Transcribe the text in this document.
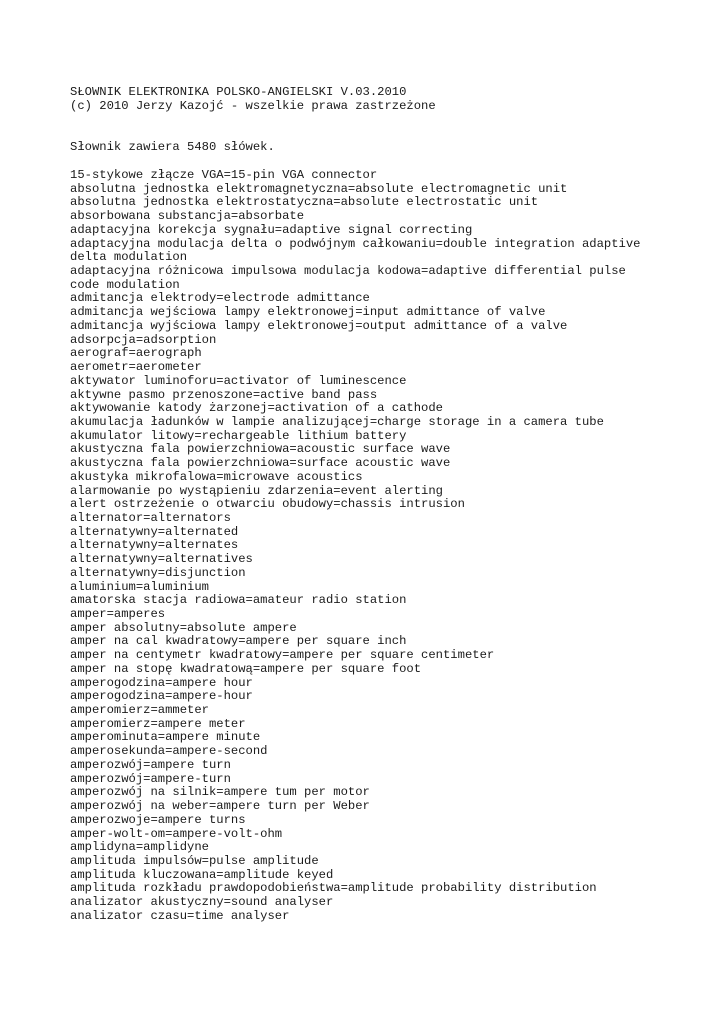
SŁOWNIK ELEKTRONIKA POLSKO-ANGIELSKI V.03.2010
(c) 2010 Jerzy Kazojć - wszelkie prawa zastrzeżone
Słownik zawiera 5480 słówek.
15-stykowe złącze VGA=15-pin VGA connector
absolutna jednostka elektromagnetyczna=absolute electromagnetic unit
absolutna jednostka elektrostatyczna=absolute electrostatic unit
absorbowana substancja=absorbate
adaptacyjna korekcja sygnału=adaptive signal correcting
adaptacyjna modulacja delta o podwójnym całkowaniu=double integration adaptive
delta modulation
adaptacyjna różnicowa impulsowa modulacja kodowa=adaptive differential pulse
code modulation
admitancja elektrody=electrode admittance
admitancja wejściowa lampy elektronowej=input admittance of valve
admitancja wyjściowa lampy elektronowej=output admittance of a valve
adsorpcja=adsorption
aerograf=aerograph
aerometr=aerometer
aktywator luminoforu=activator of luminescence
aktywne pasmo przenoszone=active band pass
aktywowanie katody żarzonej=activation of a cathode
akumulacja ładunków w lampie analizującej=charge storage in a camera tube
akumulator litowy=rechargeable lithium battery
akustyczna fala powierzchniowa=acoustic surface wave
akustyczna fala powierzchniowa=surface acoustic wave
akustyka mikrofalowa=microwave acoustics
alarmowanie po wystąpieniu zdarzenia=event alerting
alert ostrzeżenie o otwarciu obudowy=chassis intrusion
alternator=alternators
alternatywny=alternated
alternatywny=alternates
alternatywny=alternatives
alternatywny=disjunction
aluminium=aluminium
amatorska stacja radiowa=amateur radio station
amper=amperes
amper absolutny=absolute ampere
amper na cal kwadratowy=ampere per square inch
amper na centymetr kwadratowy=ampere per square centimeter
amper na stopę kwadratową=ampere per square foot
amperogodzina=ampere hour
amperogodzina=ampere-hour
amperomierz=ammeter
amperomierz=ampere meter
amperominuta=ampere minute
amperosekunda=ampere-second
amperozwój=ampere turn
amperozwój=ampere-turn
amperozwój na silnik=ampere tum per motor
amperozwój na weber=ampere turn per Weber
amperozwoje=ampere turns
amper-wolt-om=ampere-volt-ohm
amplidyna=amplidyne
amplituda impulsów=pulse amplitude
amplituda kluczowana=amplitude keyed
amplituda rozkładu prawdopodobieństwa=amplitude probability distribution
analizator akustyczny=sound analyser
analizator czasu=time analyser
